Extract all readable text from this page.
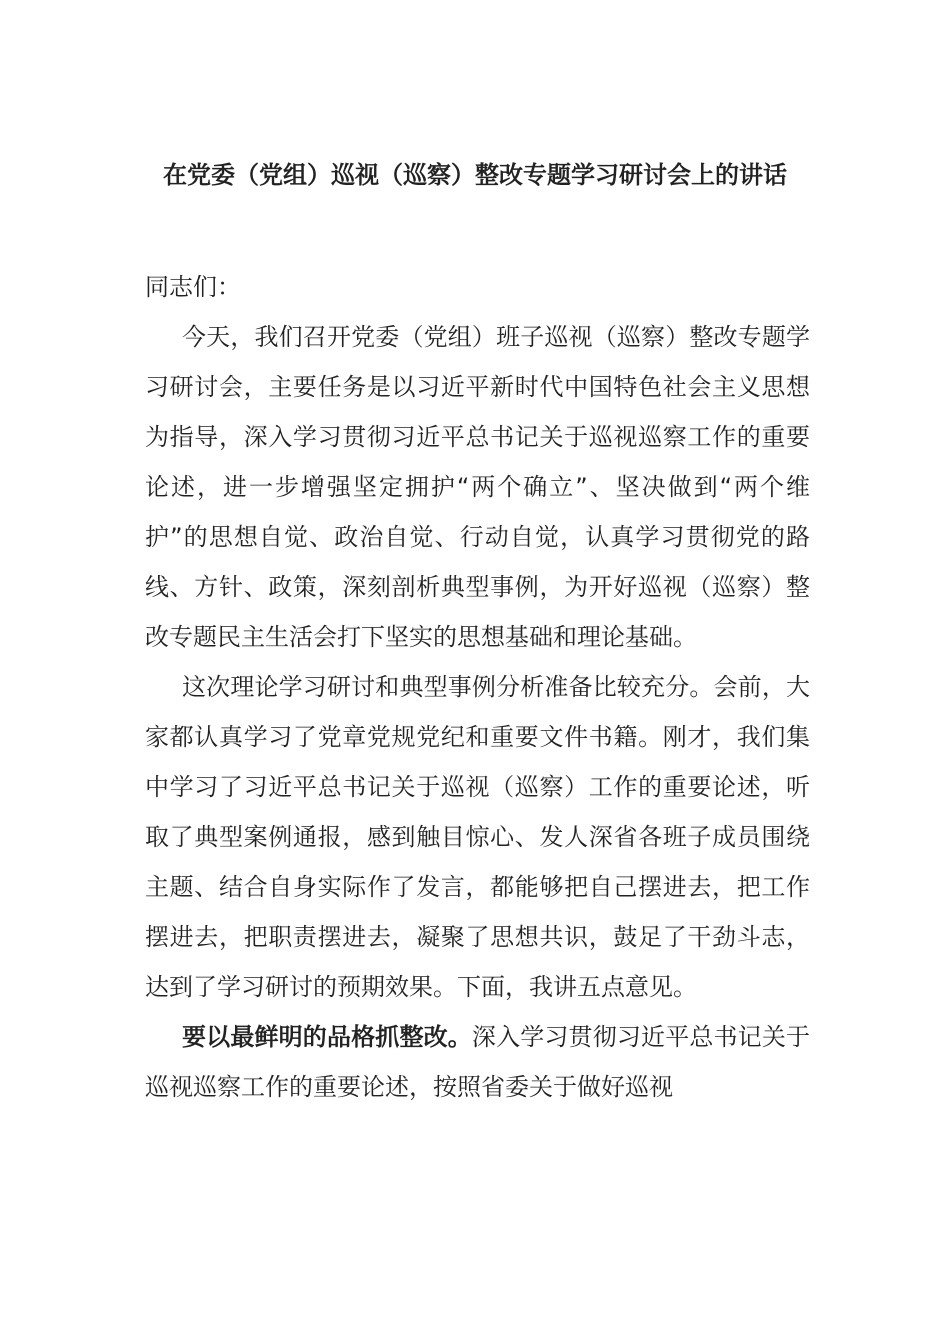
在党委（党组）巡视（巡察）整改专题学习研讨会上的讲话

同志们：

今天，我们召开党委（党组）班子巡视（巡察）整改专题学习研讨会，主要任务是以习近平新时代中国特色社会主义思想为指导，深入学习贯彻习近平总书记关于巡视巡察工作的重要论述，进一步增强坚定拥护“两个确立”、坚决做到“两个维护”的思想自觉、政治自觉、行动自觉，认真学习贯彻党的路线、方针、政策，深刻剖析典型事例，为开好巡视（巡察）整改专题民主生活会打下坚实的思想基础和理论基础。

这次理论学习研讨和典型事例分析准备比较充分。会前，大家都认真学习了党章党规党纪和重要文件书籍。刚才，我们集中学习了习近平总书记关于巡视（巡察）工作的重要论述，听取了典型案例通报，感到触目惊心、发人深省各班子成员围绕主题、结合自身实际作了发言，都能够把自己摆进去，把工作摆进去，把职责摆进去，凝聚了思想共识，鼓足了干劲斗志，达到了学习研讨的预期效果。下面，我讲五点意见。

要以最鲜明的品格抓整改。深入学习贯彻习近平总书记关于巡视巡察工作的重要论述，按照省委关于做好巡视
